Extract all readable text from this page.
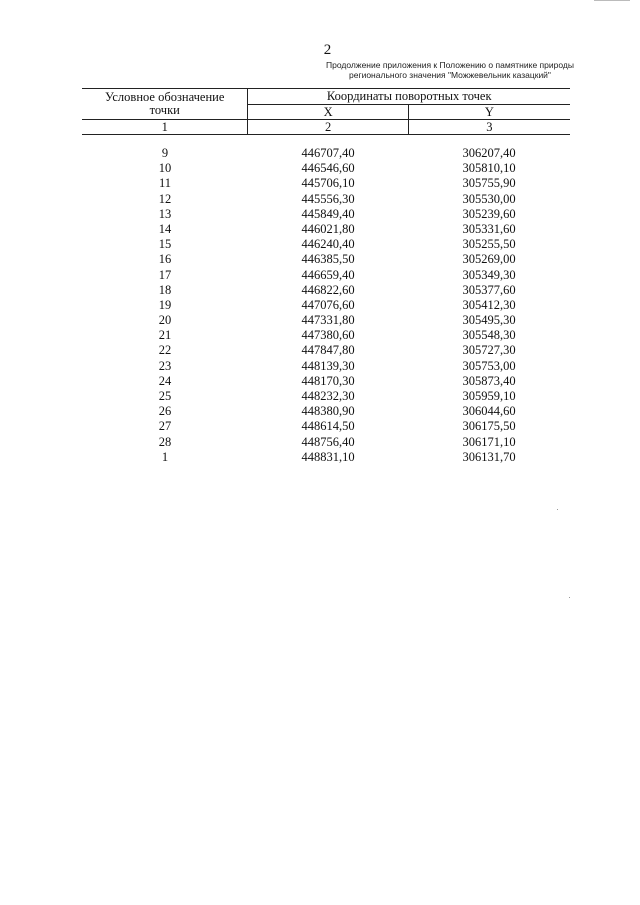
2
Продолжение приложения к Положению о памятнике природы
регионального значения "Можжевельник казацкий"
Условное обозначение
точки	Координаты поворотных точек	
	X	Y
1	2	3
9	446707,40	306207,40
10	446546,60	305810,10
11	445706,10	305755,90
12	445556,30	305530,00
13	445849,40	305239,60
14	446021,80	305331,60
15	446240,40	305255,50
16	446385,50	305269,00
17	446659,40	305349,30
18	446822,60	305377,60
19	447076,60	305412,30
20	447331,80	305495,30
21	447380,60	305548,30
22	447847,80	305727,30
23	448139,30	305753,00
24	448170,30	305873,40
25	448232,30	305959,10
26	448380,90	306044,60
27	448614,50	306175,50
28	448756,40	306171,10
1	448831,10	306131,70
